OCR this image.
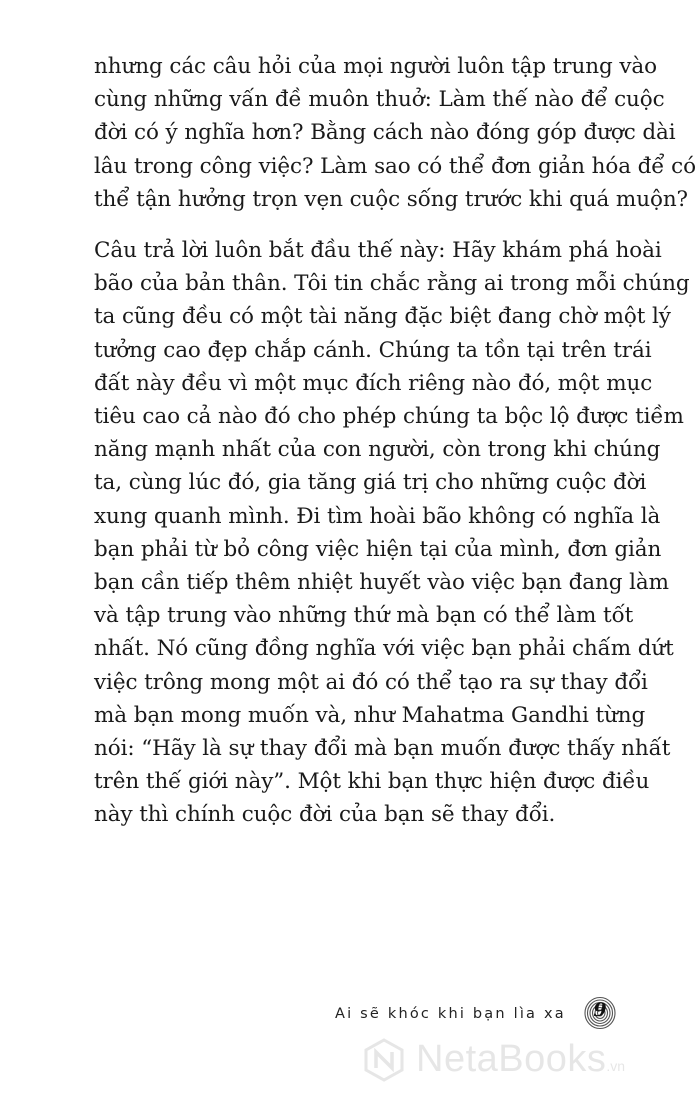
nhưng các câu hỏi của mọi người luôn tập trung vào
cùng những vấn đề muôn thuở: Làm thế nào để cuộc
đời có ý nghĩa hơn? Bằng cách nào đóng góp được dài
lâu trong công việc? Làm sao có thể đơn giản hóa để có
thể tận hưởng trọn vẹn cuộc sống trước khi quá muộn?

Câu trả lời luôn bắt đầu thế này: Hãy khám phá hoài
bão của bản thân. Tôi tin chắc rằng ai trong mỗi chúng
ta cũng đều có một tài năng đặc biệt đang chờ một lý
tưởng cao đẹp chắp cánh. Chúng ta tồn tại trên trái
đất này đều vì một mục đích riêng nào đó, một mục
tiêu cao cả nào đó cho phép chúng ta bộc lộ được tiềm
năng mạnh nhất của con người, còn trong khi chúng
ta, cùng lúc đó, gia tăng giá trị cho những cuộc đời
xung quanh mình. Đi tìm hoài bão không có nghĩa là
bạn phải từ bỏ công việc hiện tại của mình, đơn giản
bạn cần tiếp thêm nhiệt huyết vào việc bạn đang làm
và tập trung vào những thứ mà bạn có thể làm tốt
nhất. Nó cũng đồng nghĩa với việc bạn phải chấm dứt
việc trông mong một ai đó có thể tạo ra sự thay đổi
mà bạn mong muốn và, như Mahatma Gandhi từng
nói: “Hãy là sự thay đổi mà bạn muốn được thấy nhất
trên thế giới này”. Một khi bạn thực hiện được điều
này thì chính cuộc đời của bạn sẽ thay đổi.

Ai sẽ khóc khi bạn lìa xa	9
NetaBooks.vn
